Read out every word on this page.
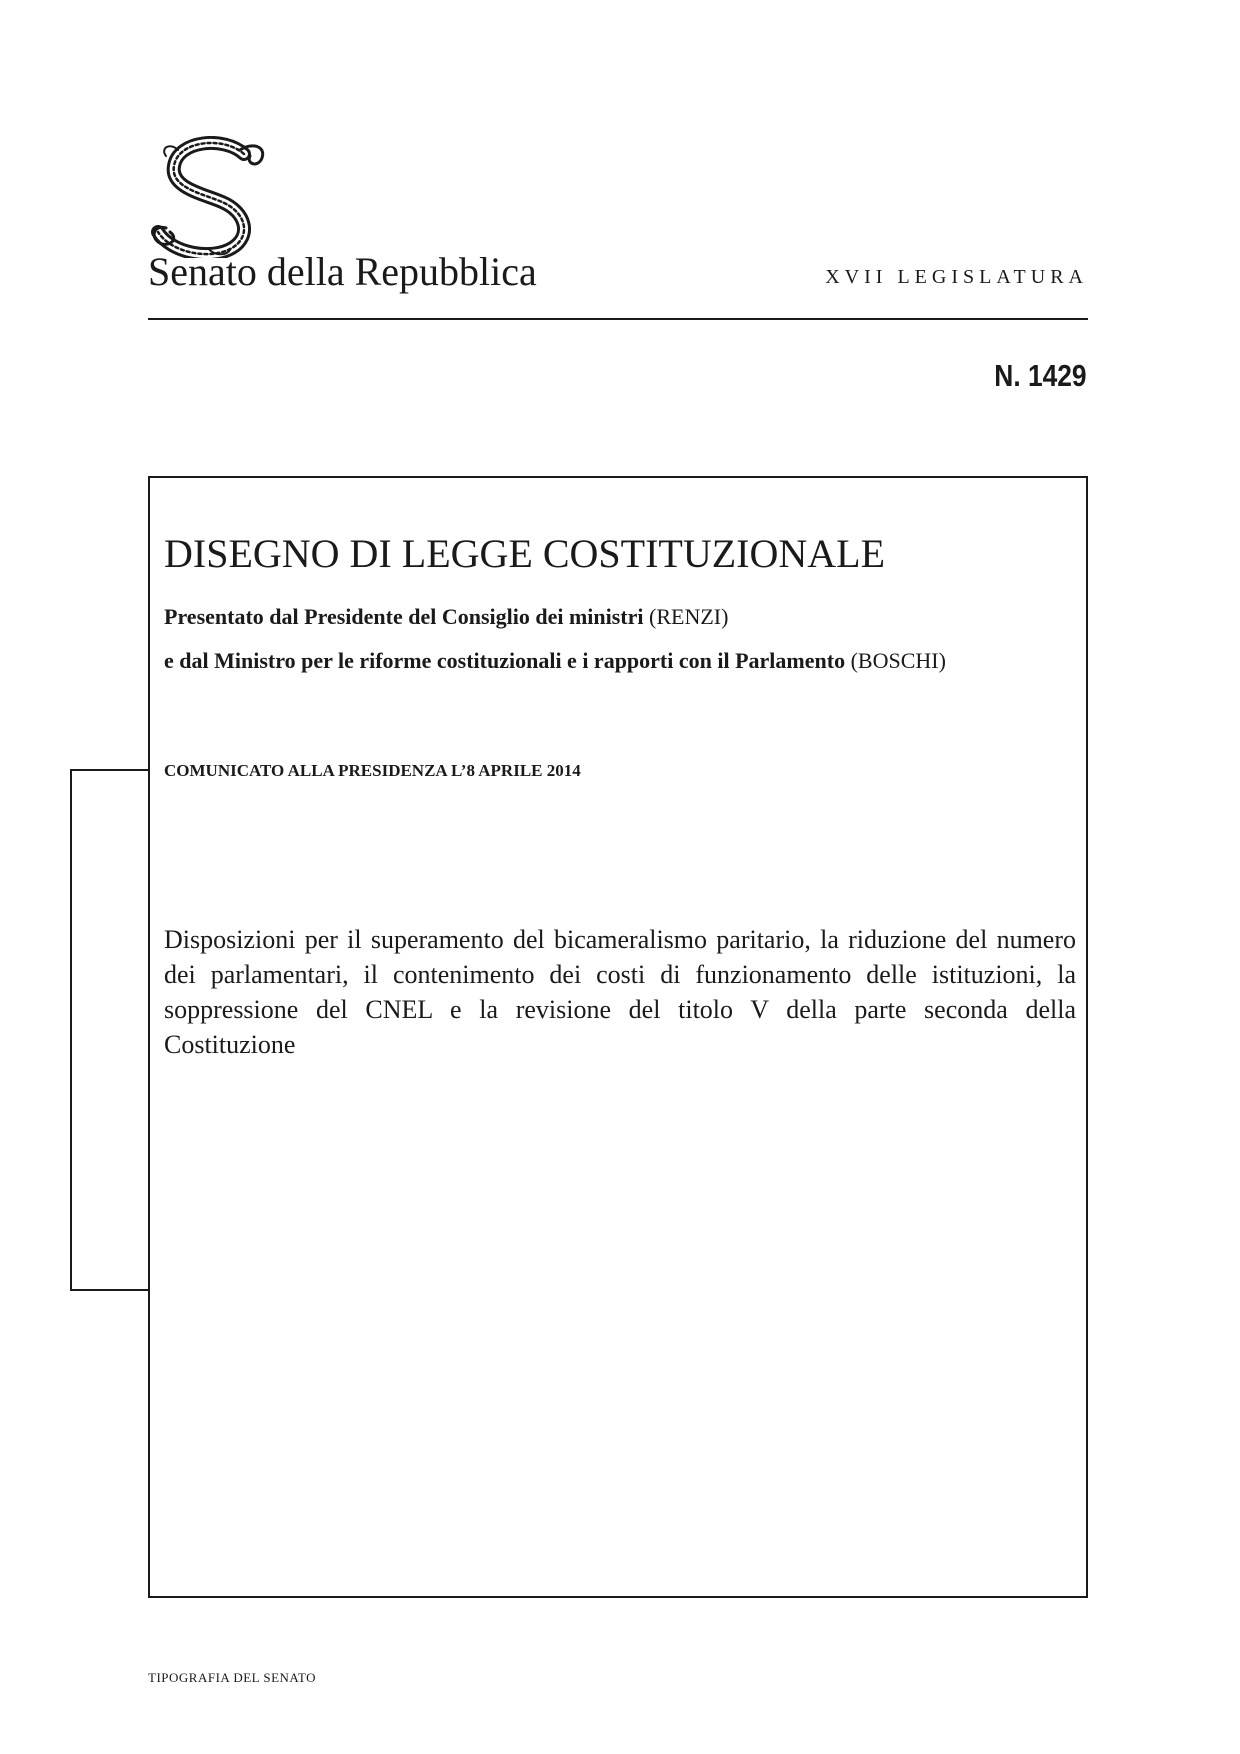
Senato della Repubblica	XVII LEGISLATURA
N. 1429
DISEGNO DI LEGGE COSTITUZIONALE
Presentato dal Presidente del Consiglio dei ministri (RENZI)
e dal Ministro per le riforme costituzionali e i rapporti con il Parlamento (BOSCHI)
COMUNICATO ALLA PRESIDENZA L’8 APRILE 2014
Disposizioni per il superamento del bicameralismo paritario, la riduzione del numero dei parlamentari, il contenimento dei costi di funzionamento delle istituzioni, la soppressione del CNEL e la revisione del titolo V della parte seconda della Costituzione
TIPOGRAFIA DEL SENATO
